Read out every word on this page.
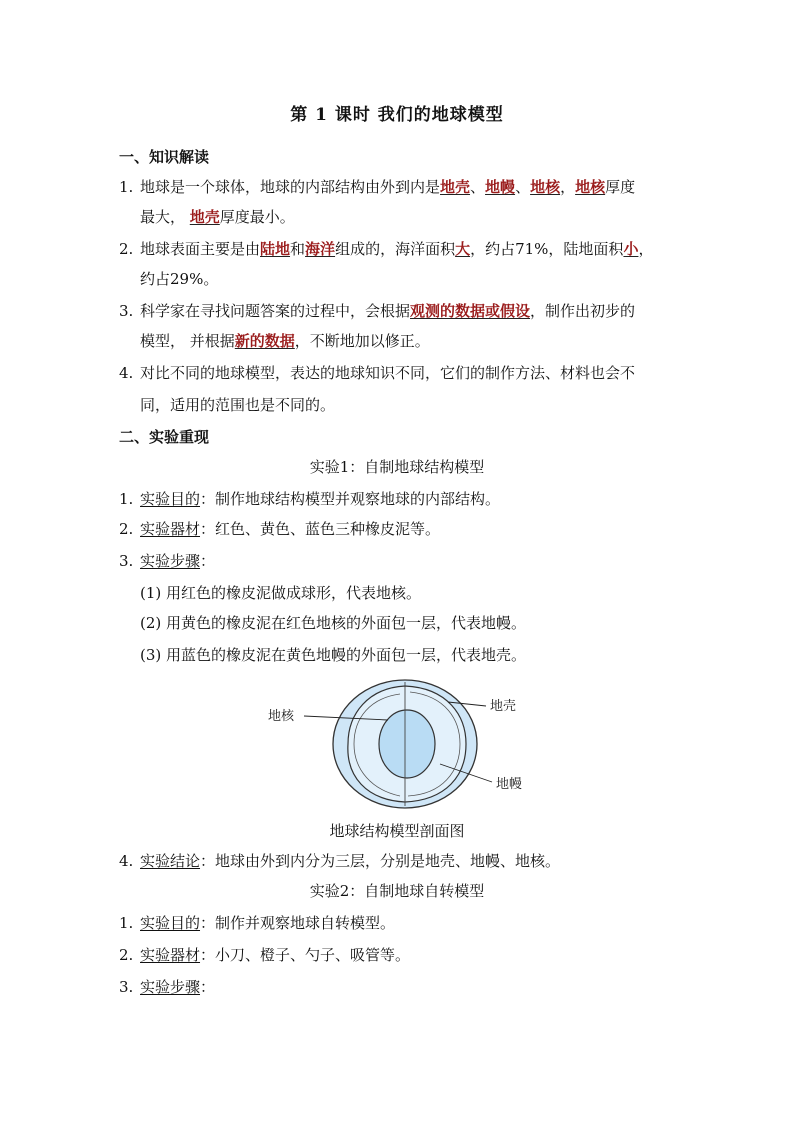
第 1 课时 我们的地球模型
一、知识解读
1. 地球是一个球体，地球的内部结构由外到内是地壳、地幔、地核，地核厚度
最大， 地壳厚度最小。
2. 地球表面主要是由陆地和海洋组成的，海洋面积大，约占71%，陆地面积小，
约占29%。
3. 科学家在寻找问题答案的过程中，会根据观测的数据或假设，制作出初步的
模型， 并根据新的数据，不断地加以修正。
4. 对比不同的地球模型，表达的地球知识不同，它们的制作方法、材料也会不
同，适用的范围也是不同的。
二、实验重现
实验1：自制地球结构模型
1. 实验目的：制作地球结构模型并观察地球的内部结构。
2. 实验器材：红色、黄色、蓝色三种橡皮泥等。
3. 实验步骤：
(1) 用红色的橡皮泥做成球形，代表地核。
(2) 用黄色的橡皮泥在红色地核的外面包一层，代表地幔。
(3) 用蓝色的橡皮泥在黄色地幔的外面包一层，代表地壳。
地核
地壳
地幔
地球结构模型剖面图
4. 实验结论：地球由外到内分为三层，分别是地壳、地幔、地核。
实验2：自制地球自转模型
1. 实验目的：制作并观察地球自转模型。
2. 实验器材：小刀、橙子、勺子、吸管等。
3. 实验步骤：
